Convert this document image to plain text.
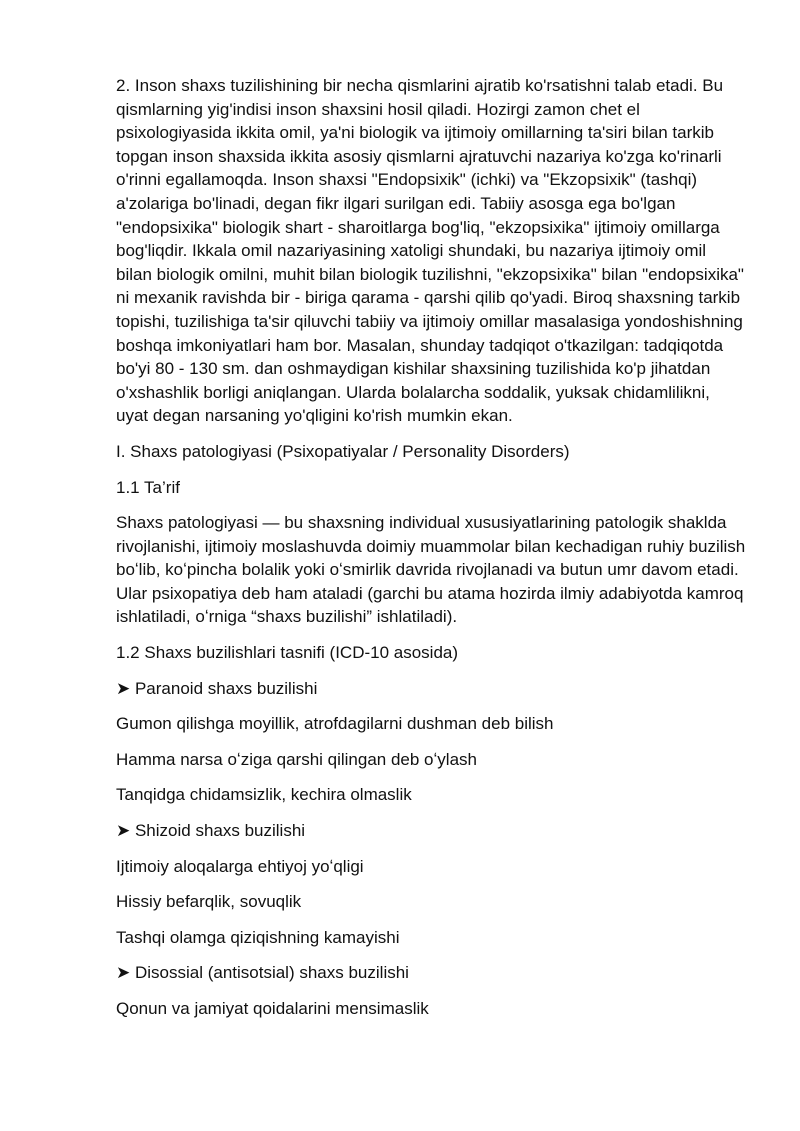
2. Inson shaxs tuzilishining bir necha qismlarini ajratib ko'rsatishni talab etadi. Bu qismlarning yig'indisi inson shaxsini hosil qiladi. Hozirgi zamon chet el psixologiyasida ikkita omil, ya'ni biologik va ijtimoiy omillarning ta'siri bilan tarkib topgan inson shaxsida ikkita asosiy qismlarni ajratuvchi nazariya ko'zga ko'rinarli o'rinni egallamoqda. Inson shaxsi "Endopsixik" (ichki) va "Ekzopsixik" (tashqi) a'zolariga bo'linadi, degan fikr ilgari surilgan edi. Tabiiy asosga ega bo'lgan "endopsixika" biologik shart - sharoitlarga bog'liq, "ekzopsixika" ijtimoiy omillarga bog'liqdir. Ikkala omil nazariyasining xatoligi shundaki, bu nazariya ijtimoiy omil bilan biologik omilni, muhit bilan biologik tuzilishni, "ekzopsixika" bilan "endopsixika" ni mexanik ravishda bir - biriga qarama - qarshi qilib qo'yadi. Biroq shaxsning tarkib topishi, tuzilishiga ta'sir qiluvchi tabiiy va ijtimoiy omillar masalasiga yondoshishning boshqa imkoniyatlari ham bor. Masalan, shunday tadqiqot o'tkazilgan: tadqiqotda bo'yi 80 - 130 sm. dan oshmaydigan kishilar shaxsining tuzilishida ko'p jihatdan o'xshashlik borligi aniqlangan. Ularda bolalarcha soddalik, yuksak chidamlilikni, uyat degan narsaning yo'qligini ko'rish mumkin ekan.

I. Shaxs patologiyasi (Psixopatiyalar / Personality Disorders)

1.1 Ta’rif

Shaxs patologiyasi — bu shaxsning individual xususiyatlarining patologik shaklda rivojlanishi, ijtimoiy moslashuvda doimiy muammolar bilan kechadigan ruhiy buzilish boʻlib, koʻpincha bolalik yoki oʻsmirlik davrida rivojlanadi va butun umr davom etadi. Ular psixopatiya deb ham ataladi (garchi bu atama hozirda ilmiy adabiyotda kamroq ishlatiladi, oʻrniga “shaxs buzilishi” ishlatiladi).

1.2 Shaxs buzilishlari tasnifi (ICD-10 asosida)

➤ Paranoid shaxs buzilishi

Gumon qilishga moyillik, atrofdagilarni dushman deb bilish

Hamma narsa oʻziga qarshi qilingan deb oʻylash

Tanqidga chidamsizlik, kechira olmaslik

➤ Shizoid shaxs buzilishi

Ijtimoiy aloqalarga ehtiyoj yoʻqligi

Hissiy befarqlik, sovuqlik

Tashqi olamga qiziqishning kamayishi

➤ Disossial (antisotsial) shaxs buzilishi

Qonun va jamiyat qoidalarini mensimaslik
